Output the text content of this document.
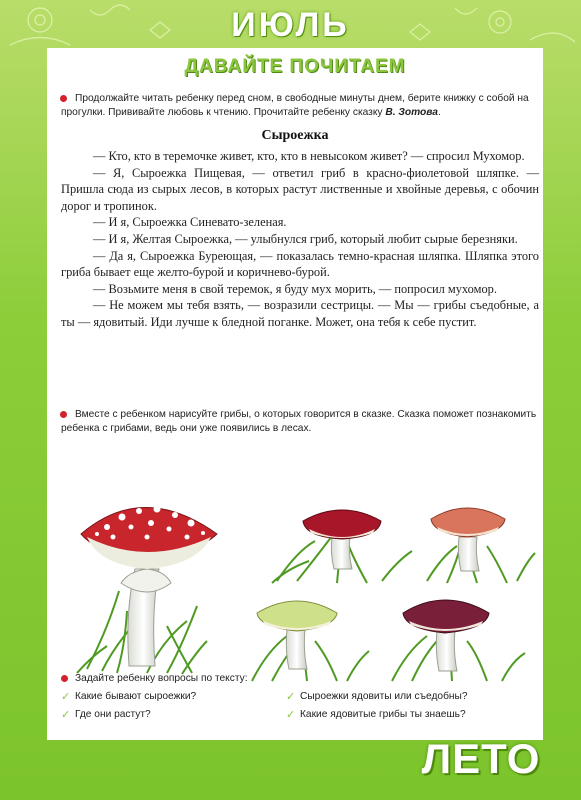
ИЮЛЬ
ДАВАЙТЕ ПОЧИТАЕМ
Продолжайте читать ребенку перед сном, в свободные минуты днем, берите книжку с собой на прогулки. Прививайте любовь к чтению. Прочитайте ребенку сказку В. Зотова.
Сыроежка

— Кто, кто в теремочке живет, кто, кто в невысоком живет? — спросил Мухомор.

— Я, Сыроежка Пищевая, — ответил гриб в красно-фиолетовой шляпке. — Пришла сюда из сырых лесов, в которых растут лиственные и хвойные деревья, с обочин дорог и тропинок.

— И я, Сыроежка Синевато-зеленая.

— И я, Желтая Сыроежка, — улыбнулся гриб, который любит сырые березняки.

— Да я, Сыроежка Буреющая, — показалась темно-красная шляпка. Шляпка этого гриба бывает еще желто-бурой и коричнево-бурой.

— Возьмите меня в свой теремок, я буду мух морить, — попросил мухомор.

— Не можем мы тебя взять, — возразили сестрицы. — Мы — грибы съедобные, а ты — ядовитый. Иди лучше к бледной поганке. Может, она тебя к себе пустит.

Вместе с ребенком нарисуйте грибы, о которых говорится в сказке. Сказка поможет познакомить ребенка с грибами, ведь они уже появились в лесах.
Задайте ребенку вопросы по тексту:
✓ Какие бывают сыроежки?	✓ Сыроежки ядовиты или съедобны?
✓ Где они растут?	✓ Какие ядовитые грибы ты знаешь?
ЛЕТО
